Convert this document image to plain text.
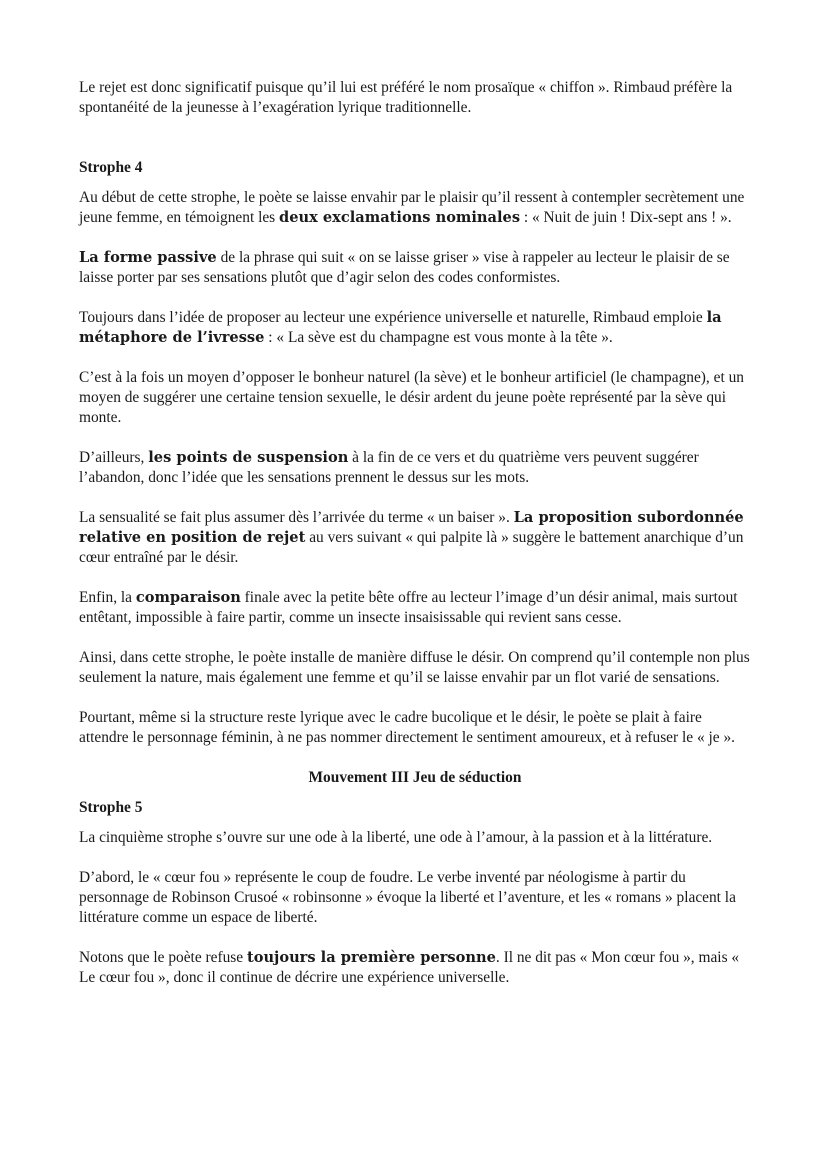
Le rejet est donc significatif puisque qu’il lui est préféré le nom prosaïque « chiffon ». Rimbaud préfère la spontanéité de la jeunesse à l’exagération lyrique traditionnelle.

Strophe 4

Au début de cette strophe, le poète se laisse envahir par le plaisir qu’il ressent à contempler secrètement une jeune femme, en témoignent les deux exclamations nominales : « Nuit de juin ! Dix-sept ans ! ».

La forme passive de la phrase qui suit « on se laisse griser » vise à rappeler au lecteur le plaisir de se laisse porter par ses sensations plutôt que d’agir selon des codes conformistes.

Toujours dans l’idée de proposer au lecteur une expérience universelle et naturelle, Rimbaud emploie la métaphore de l’ivresse : « La sève est du champagne est vous monte à la tête ».

C’est à la fois un moyen d’opposer le bonheur naturel (la sève) et le bonheur artificiel (le champagne), et un moyen de suggérer une certaine tension sexuelle, le désir ardent du jeune poète représenté par la sève qui monte.

D’ailleurs, les points de suspension à la fin de ce vers et du quatrième vers peuvent suggérer l’abandon, donc l’idée que les sensations prennent le dessus sur les mots.

La sensualité se fait plus assumer dès l’arrivée du terme « un baiser ». La proposition subordonnée relative en position de rejet au vers suivant « qui palpite là » suggère le battement anarchique d’un cœur entraîné par le désir.

Enfin, la comparaison finale avec la petite bête offre au lecteur l’image d’un désir animal, mais surtout entêtant, impossible à faire partir, comme un insecte insaisissable qui revient sans cesse.

Ainsi, dans cette strophe, le poète installe de manière diffuse le désir. On comprend qu’il contemple non plus seulement la nature, mais également une femme et qu’il se laisse envahir par un flot varié de sensations.

Pourtant, même si la structure reste lyrique avec le cadre bucolique et le désir, le poète se plait à faire attendre le personnage féminin, à ne pas nommer directement le sentiment amoureux, et à refuser le « je ».

Mouvement III Jeu de séduction

Strophe 5

La cinquième strophe s’ouvre sur une ode à la liberté, une ode à l’amour, à la passion et à la littérature.

D’abord, le « cœur fou » représente le coup de foudre. Le verbe inventé par néologisme à partir du personnage de Robinson Crusoé « robinsonne » évoque la liberté et l’aventure, et les « romans » placent la littérature comme un espace de liberté.

Notons que le poète refuse toujours la première personne. Il ne dit pas « Mon cœur fou », mais « Le cœur fou », donc il continue de décrire une expérience universelle.
